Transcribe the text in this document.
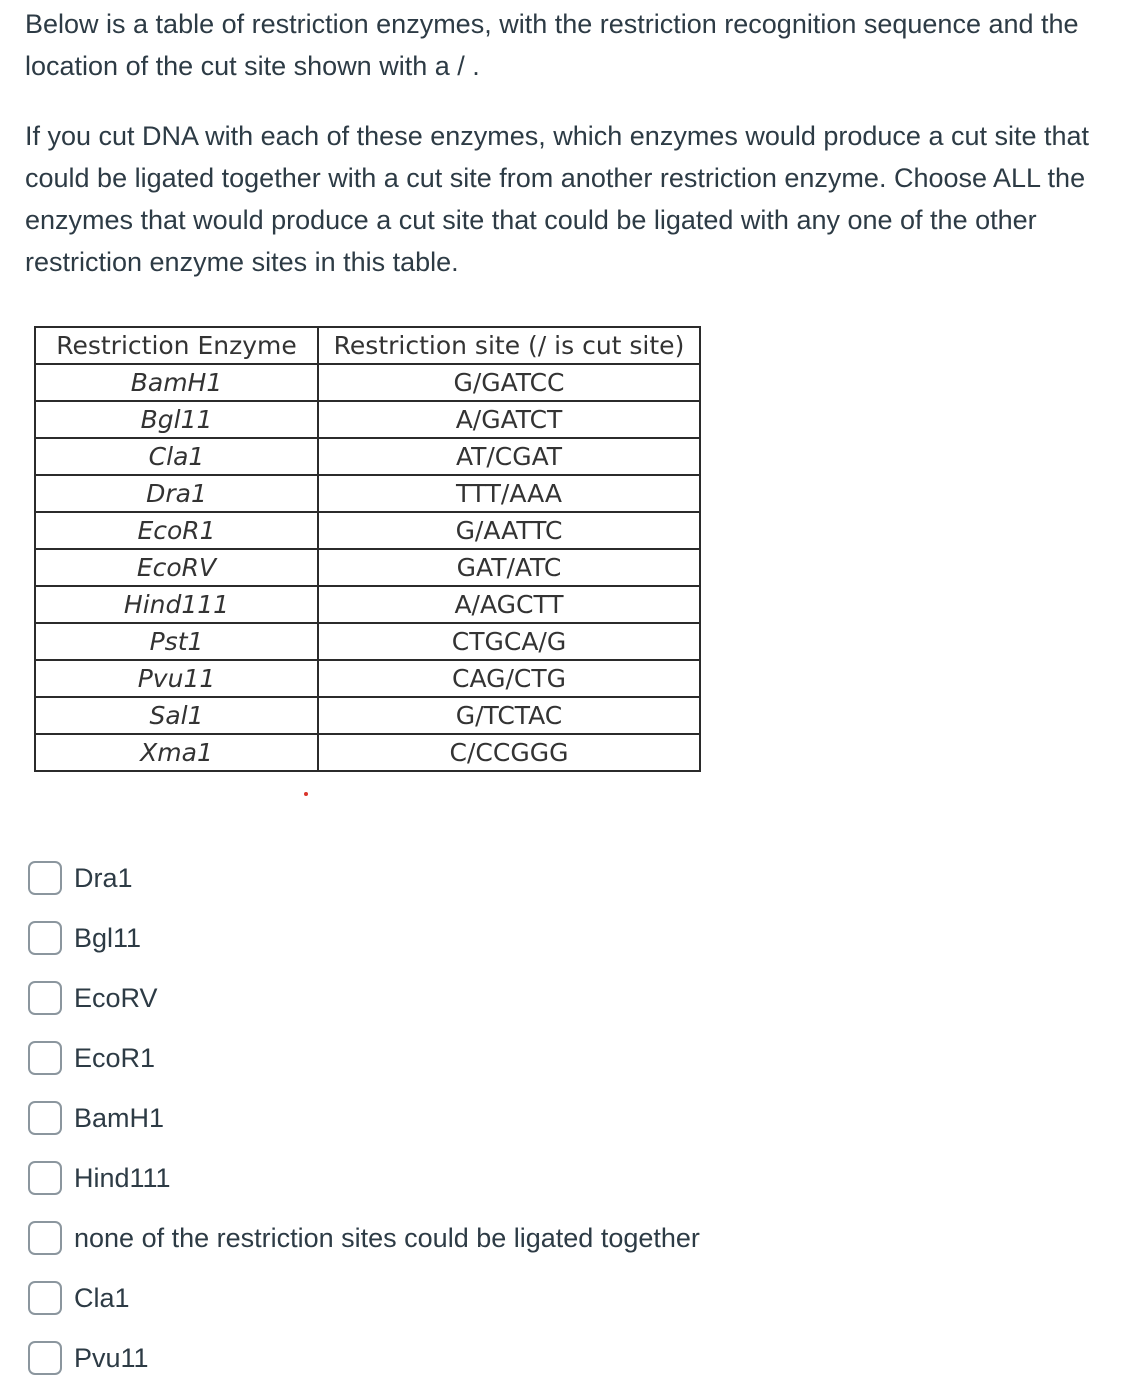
Below is a table of restriction enzymes, with the restriction recognition sequence and the location of the cut site shown with a / .

If you cut DNA with each of these enzymes, which enzymes would produce a cut site that could be ligated together with a cut site from another restriction enzyme. Choose ALL the enzymes that would produce a cut site that could be ligated with any one of the other restriction enzyme sites in this table.

Restriction Enzyme	Restriction site (/ is cut site)
BamH1	G/GATCC
Bgl11	A/GATCT
Cla1	AT/CGAT
Dra1	TTT/AAA
EcoR1	G/AATTC
EcoRV	GAT/ATC
Hind111	A/AGCTT
Pst1	CTGCA/G
Pvu11	CAG/CTG
Sal1	G/TCTAC
Xma1	C/CCGGG
Dra1
Bgl11
EcoRV
EcoR1
BamH1
Hind111
none of the restriction sites could be ligated together
Cla1
Pvu11
